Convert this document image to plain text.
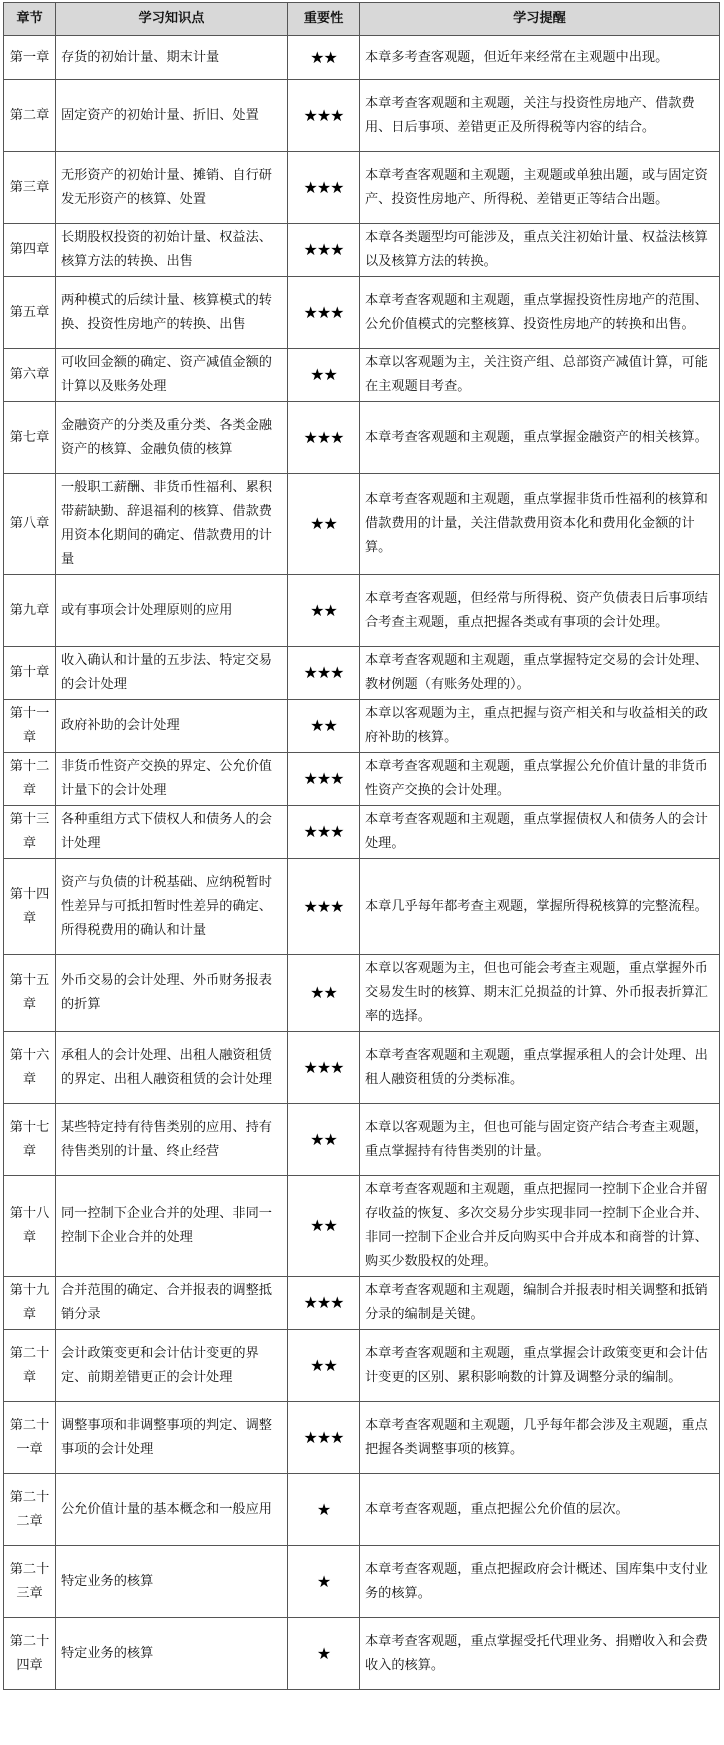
章节	学习知识点	重要性	学习提醒
第一章	存货的初始计量、期末计量	★★	本章多考查客观题，但近年来经常在主观题中出现。
第二章	固定资产的初始计量、折旧、处置	★★★	本章考查客观题和主观题，关注与投资性房地产、借款费用、日后事项、差错更正及所得税等内容的结合。
第三章	无形资产的初始计量、摊销、自行研发无形资产的核算、处置	★★★	本章考查客观题和主观题，主观题或单独出题，或与固定资产、投资性房地产、所得税、差错更正等结合出题。
第四章	长期股权投资的初始计量、权益法、核算方法的转换、出售	★★★	本章各类题型均可能涉及，重点关注初始计量、权益法核算以及核算方法的转换。
第五章	两种模式的后续计量、核算模式的转换、投资性房地产的转换、出售	★★★	本章考查客观题和主观题，重点掌握投资性房地产的范围、公允价值模式的完整核算、投资性房地产的转换和出售。
第六章	可收回金额的确定、资产减值金额的计算以及账务处理	★★	本章以客观题为主，关注资产组、总部资产减值计算，可能在主观题目考查。
第七章	金融资产的分类及重分类、各类金融资产的核算、金融负债的核算	★★★	本章考查客观题和主观题，重点掌握金融资产的相关核算。
第八章	一般职工薪酬、非货币性福利、累积带薪缺勤、辞退福利的核算、借款费用资本化期间的确定、借款费用的计量	★★	本章考查客观题和主观题，重点掌握非货币性福利的核算和借款费用的计量，关注借款费用资本化和费用化金额的计算。
第九章	或有事项会计处理原则的应用	★★	本章考查客观题，但经常与所得税、资产负债表日后事项结合考查主观题，重点把握各类或有事项的会计处理。
第十章	收入确认和计量的五步法、特定交易的会计处理	★★★	本章考查客观题和主观题，重点掌握特定交易的会计处理、教材例题（有账务处理的）。
第十一章	政府补助的会计处理	★★	本章以客观题为主，重点把握与资产相关和与收益相关的政府补助的核算。
第十二章	非货币性资产交换的界定、公允价值计量下的会计处理	★★★	本章考查客观题和主观题，重点掌握公允价值计量的非货币性资产交换的会计处理。
第十三章	各种重组方式下债权人和债务人的会计处理	★★★	本章考查客观题和主观题，重点掌握债权人和债务人的会计处理。
第十四章	资产与负债的计税基础、应纳税暂时性差异与可抵扣暂时性差异的确定、所得税费用的确认和计量	★★★	本章几乎每年都考查主观题，掌握所得税核算的完整流程。
第十五章	外币交易的会计处理、外币财务报表的折算	★★	本章以客观题为主，但也可能会考查主观题，重点掌握外币交易发生时的核算、期末汇兑损益的计算、外币报表折算汇率的选择。
第十六章	承租人的会计处理、出租人融资租赁的界定、出租人融资租赁的会计处理	★★★	本章考查客观题和主观题，重点掌握承租人的会计处理、出租人融资租赁的分类标准。
第十七章	某些特定持有待售类别的应用、持有待售类别的计量、终止经营	★★	本章以客观题为主，但也可能与固定资产结合考查主观题，重点掌握持有待售类别的计量。
第十八章	同一控制下企业合并的处理、非同一控制下企业合并的处理	★★	本章考查客观题和主观题，重点把握同一控制下企业合并留存收益的恢复、多次交易分步实现非同一控制下企业合并、非同一控制下企业合并反向购买中合并成本和商誉的计算、购买少数股权的处理。
第十九章	合并范围的确定、合并报表的调整抵销分录	★★★	本章考查客观题和主观题，编制合并报表时相关调整和抵销分录的编制是关键。
第二十章	会计政策变更和会计估计变更的界定、前期差错更正的会计处理	★★	本章考查客观题和主观题，重点掌握会计政策变更和会计估计变更的区别、累积影响数的计算及调整分录的编制。
第二十一章	调整事项和非调整事项的判定、调整事项的会计处理	★★★	本章考查客观题和主观题，几乎每年都会涉及主观题，重点把握各类调整事项的核算。
第二十二章	公允价值计量的基本概念和一般应用	★	本章考查客观题，重点把握公允价值的层次。
第二十三章	特定业务的核算	★	本章考查客观题，重点把握政府会计概述、国库集中支付业务的核算。
第二十四章	特定业务的核算	★	本章考查客观题，重点掌握受托代理业务、捐赠收入和会费收入的核算。
